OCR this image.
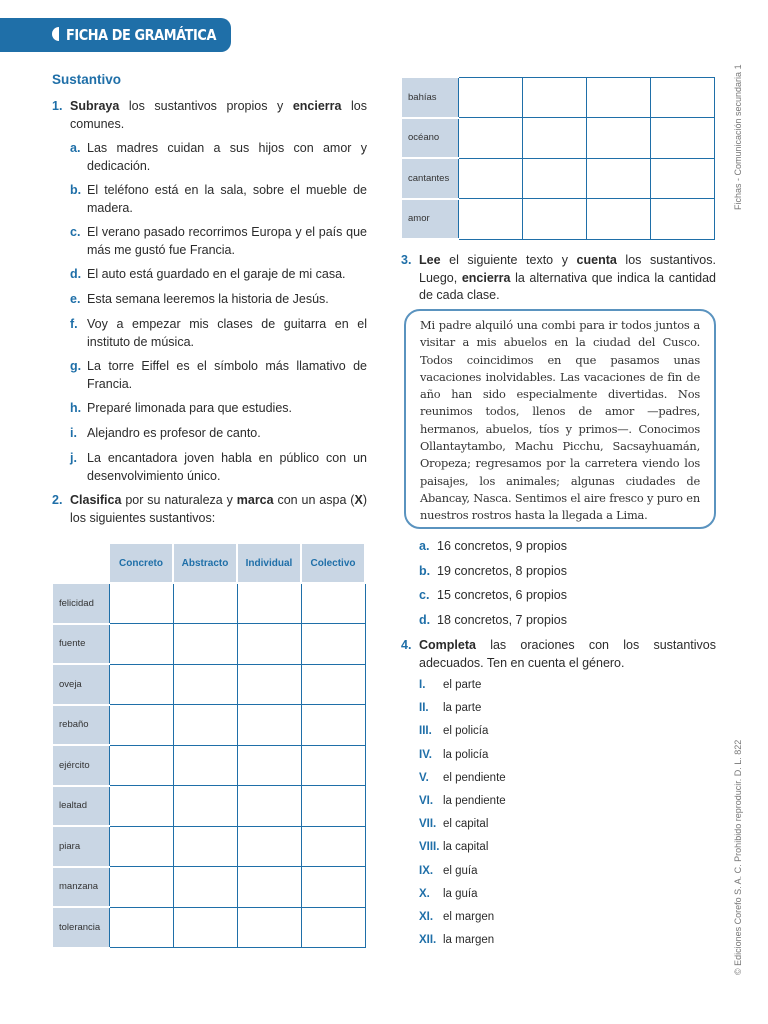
FICHA DE GRAMÁTICA
Fichas - Comunicación secundaria 1
© Ediciones Corefo S. A. C. Prohibido reproducir. D. L. 822
Sustantivo
1. Subraya los sustantivos propios y encierra los comunes.
a. Las madres cuidan a sus hijos con amor y dedicación.
b. El teléfono está en la sala, sobre el mueble de madera.
c. El verano pasado recorrimos Europa y el país que más me gustó fue Francia.
d. El auto está guardado en el garaje de mi casa.
e. Esta semana leeremos la historia de Jesús.
f. Voy a empezar mis clases de guitarra en el instituto de música.
g. La torre Eiffel es el símbolo más llamativo de Francia.
h. Preparé limonada para que estudies.
i. Alejandro es profesor de canto.
j. La encantadora joven habla en público con un desenvolvimiento único.
2. Clasifica por su naturaleza y marca con un aspa (X) los siguientes sustantivos:
	Concreto	Abstracto	Individual	Colectivo
felicidad				
fuente				
oveja				
rebaño				
ejército				
lealtad				
piara				
manzana				
tolerancia				
bahías				
océano				
cantantes				
amor				
3. Lee el siguiente texto y cuenta los sustantivos. Luego, encierra la alternativa que indica la cantidad de cada clase.
Mi padre alquiló una combi para ir todos juntos a visitar a mis abuelos en la ciudad del Cusco. Todos coincidimos en que pasamos unas vacaciones inolvidables. Las vacaciones de fin de año han sido especialmente divertidas. Nos reunimos todos, llenos de amor —padres, hermanos, abuelos, tíos y primos—. Conocimos Ollantaytambo, Machu Picchu, Sacsayhuamán, Oropeza; regresamos por la carretera viendo los paisajes, los animales; algunas ciudades de Abancay, Nasca. Sentimos el aire fresco y puro en nuestros rostros hasta la llegada a Lima.
a. 16 concretos, 9 propios
b. 19 concretos, 8 propios
c. 15 concretos, 6 propios
d. 18 concretos, 7 propios
4. Completa las oraciones con los sustantivos adecuados. Ten en cuenta el género.
I. el parte
II. la parte
III. el policía
IV. la policía
V. el pendiente
VI. la pendiente
VII. el capital
VIII. la capital
IX. el guía
X. la guía
XI. el margen
XII. la margen
